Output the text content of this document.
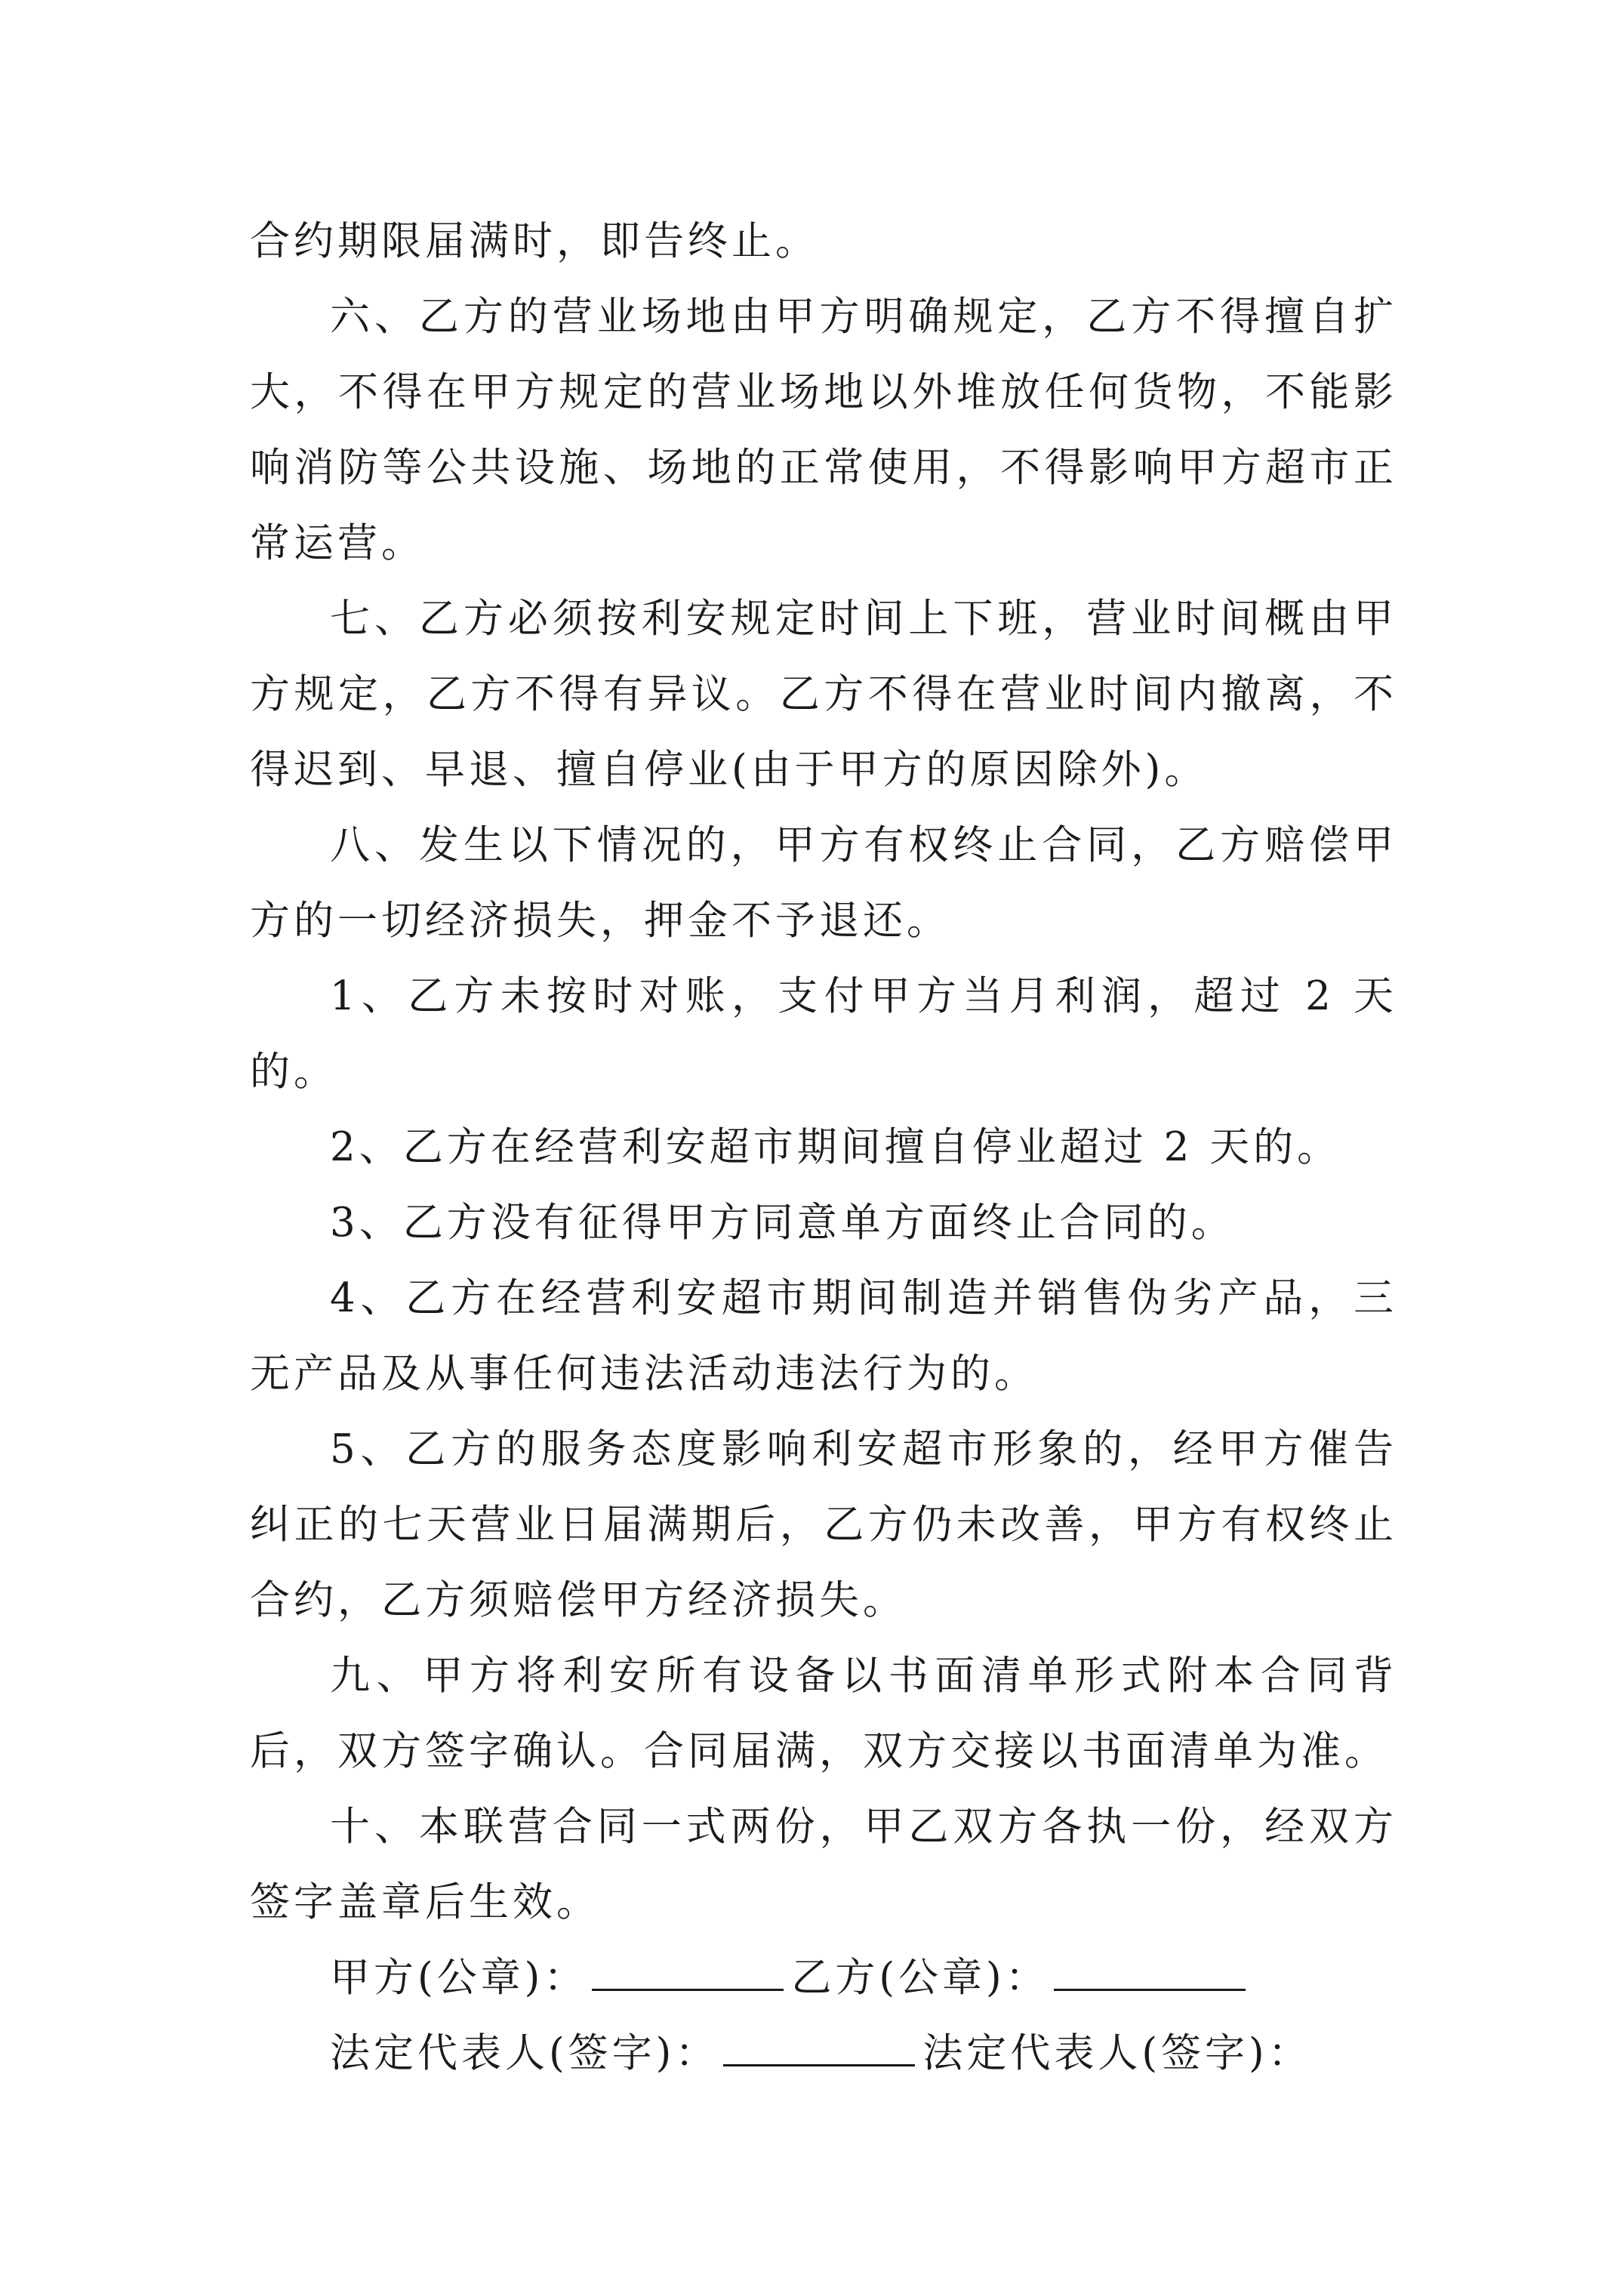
合约期限届满时，即告终止。

六、乙方的营业场地由甲方明确规定，乙方不得擅自扩大，不得在甲方规定的营业场地以外堆放任何货物，不能影响消防等公共设施、场地的正常使用，不得影响甲方超市正常运营。

七、乙方必须按利安规定时间上下班，营业时间概由甲方规定，乙方不得有异议。乙方不得在营业时间内撤离，不得迟到、早退、擅自停业(由于甲方的原因除外)。

八、发生以下情况的，甲方有权终止合同，乙方赔偿甲方的一切经济损失，押金不予退还。

1、乙方未按时对账，支付甲方当月利润，超过 2 天的。

2、乙方在经营利安超市期间擅自停业超过 2 天的。

3、乙方没有征得甲方同意单方面终止合同的。

4、乙方在经营利安超市期间制造并销售伪劣产品，三无产品及从事任何违法活动违法行为的。

5、乙方的服务态度影响利安超市形象的，经甲方催告纠正的七天营业日届满期后，乙方仍未改善，甲方有权终止合约，乙方须赔偿甲方经济损失。

九、甲方将利安所有设备以书面清单形式附本合同背后，双方签字确认。合同届满，双方交接以书面清单为准。

十、本联营合同一式两份，甲乙双方各执一份，经双方签字盖章后生效。

甲方(公章)：	乙方(公章)：
法定代表人(签字)：	法定代表人(签字)：
